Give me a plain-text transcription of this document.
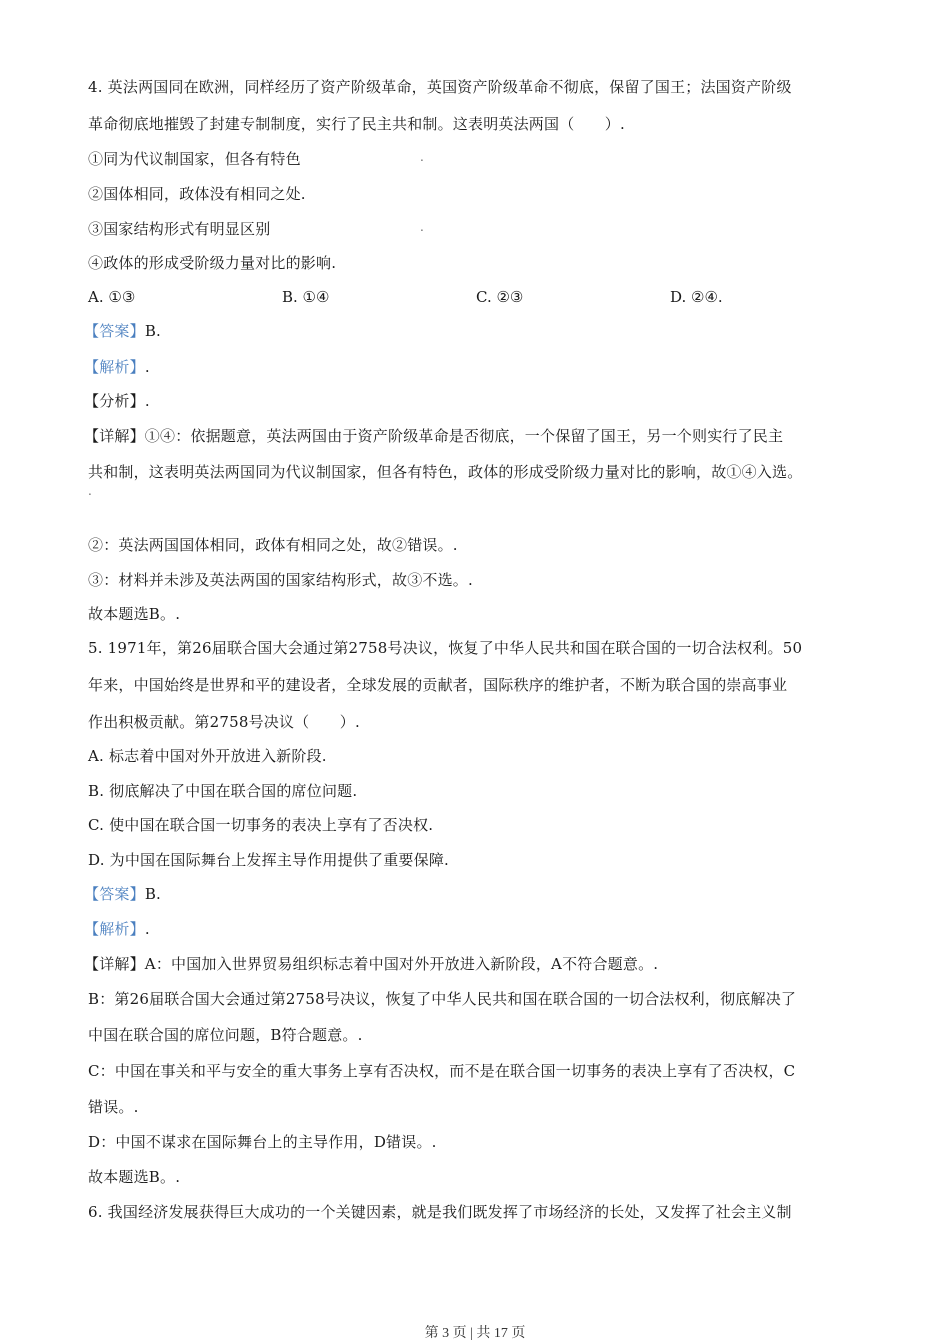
4. 英法两国同在欧洲，同样经历了资产阶级革命，英国资产阶级革命不彻底，保留了国王；法国资产阶级
革命彻底地摧毁了封建专制制度，实行了民主共和制。这表明英法两国（　　）.
①同为代议制国家，但各有特色	.
②国体相同，政体没有相同之处.
③国家结构形式有明显区别	.
④政体的形成受阶级力量对比的影响.
A. ①③	B. ①④	C. ②③	D. ②④.
【答案】B.
【解析】.
【分析】.
【详解】①④：依据题意，英法两国由于资产阶级革命是否彻底，一个保留了国王，另一个则实行了民主
共和制，这表明英法两国同为代议制国家，但各有特色，政体的形成受阶级力量对比的影响，故①④入选。
.
②：英法两国国体相同，政体有相同之处，故②错误。.
③：材料并未涉及英法两国的国家结构形式，故③不选。.
故本题选B。.
5. 1971年，第26届联合国大会通过第2758号决议，恢复了中华人民共和国在联合国的一切合法权利。50
年来，中国始终是世界和平的建设者，全球发展的贡献者，国际秩序的维护者，不断为联合国的崇高事业
作出积极贡献。第2758号决议（　　）.
A. 标志着中国对外开放进入新阶段.
B. 彻底解决了中国在联合国的席位问题.
C. 使中国在联合国一切事务的表决上享有了否决权.
D. 为中国在国际舞台上发挥主导作用提供了重要保障.
【答案】B.
【解析】.
【详解】A：中国加入世界贸易组织标志着中国对外开放进入新阶段，A不符合题意。.
B：第26届联合国大会通过第2758号决议，恢复了中华人民共和国在联合国的一切合法权利，彻底解决了
中国在联合国的席位问题，B符合题意。.
C：中国在事关和平与安全的重大事务上享有否决权，而不是在联合国一切事务的表决上享有了否决权，C
错误。.
D：中国不谋求在国际舞台上的主导作用，D错误。.
故本题选B。.
6. 我国经济发展获得巨大成功的一个关键因素，就是我们既发挥了市场经济的长处，又发挥了社会主义制
第 3 页 | 共 17 页
